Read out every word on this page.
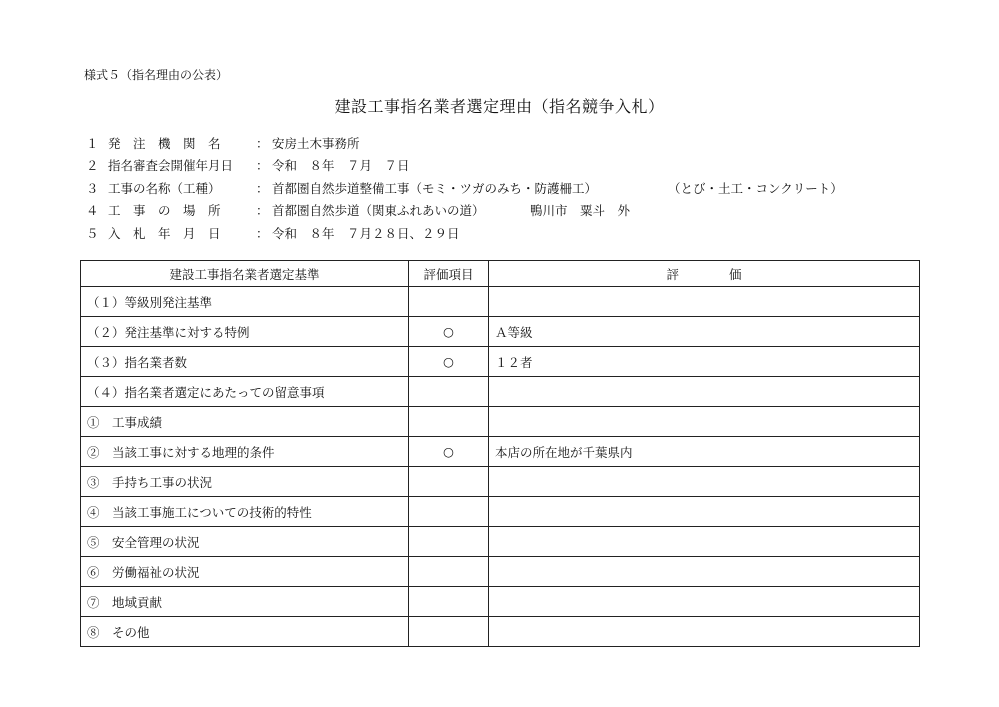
様式５（指名理由の公表）
建設工事指名業者選定理由（指名競争入札）
１ 発　注　機　関　名	： 安房土木事務所
２ 指名審査会開催年月日 ： 令和　８年　７月　７日
３ 工事の名称（工種）	： 首都圏自然歩道整備工事（モミ・ツガのみち・防護柵工）	（とび・土工・コンクリート）
４ 工　事　の　場　所	： 首都圏自然歩道（関東ふれあいの道）	鴨川市　粟斗　外
５ 入　札　年　月　日	： 令和　８年　７月２８日、２９日
建設工事指名業者選定基準	評価項目	評　　　　価
（１）等級別発注基準		
（２）発注基準に対する特例	○	Ａ等級
（３）指名業者数	○	１２者
（４）指名業者選定にあたっての留意事項		
①　工事成績		
②　当該工事に対する地理的条件	○	本店の所在地が千葉県内
③　手持ち工事の状況		
④　当該工事施工についての技術的特性		
⑤　安全管理の状況		
⑥　労働福祉の状況		
⑦　地域貢献		
⑧　その他		
